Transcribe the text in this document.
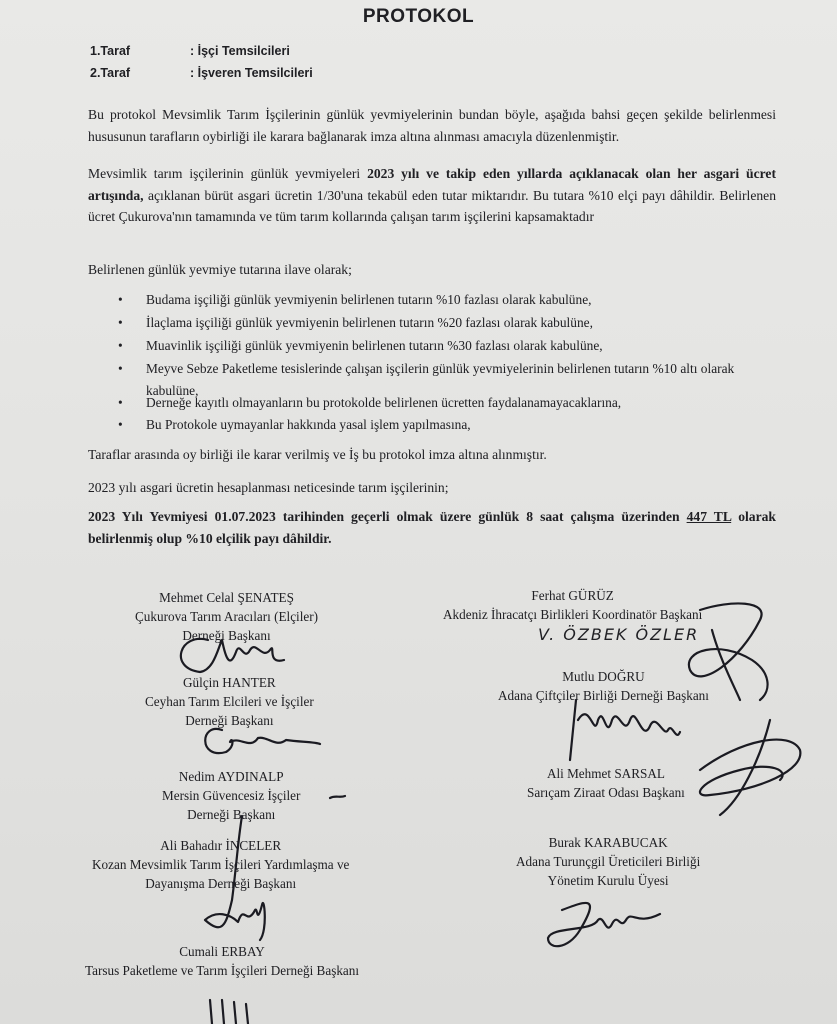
PROTOKOL
1.Taraf	: İşçi Temsilcileri
2.Taraf	: İşveren Temsilcileri
Bu protokol Mevsimlik Tarım İşçilerinin günlük yevmiyelerinin bundan böyle, aşağıda bahsi geçen şekilde belirlenmesi hususunun tarafların oybirliği ile karara bağlanarak imza altına alınması amacıyla düzenlenmiştir.
Mevsimlik tarım işçilerinin günlük yevmiyeleri 2023 yılı ve takip eden yıllarda açıklanacak olan her asgari ücret artışında, açıklanan bürüt asgari ücretin 1/30'una tekabül eden tutar miktarıdır. Bu tutara %10 elçi payı dâhildir. Belirlenen ücret Çukurova'nın tamamında ve tüm tarım kollarında çalışan tarım işçilerini kapsamaktadır
Belirlenen günlük yevmiye tutarına ilave olarak;
• Budama işçiliği günlük yevmiyenin belirlenen tutarın %10 fazlası olarak kabulüne,
• İlaçlama işçiliği günlük yevmiyenin belirlenen tutarın %20 fazlası olarak kabulüne,
• Muavinlik işçiliği günlük yevmiyenin belirlenen tutarın %30 fazlası olarak kabulüne,
• Meyve Sebze Paketleme tesislerinde çalışan işçilerin günlük yevmiyelerinin belirlenen tutarın %10 altı olarak kabulüne,
• Derneğe kayıtlı olmayanların bu protokolde belirlenen ücretten faydalanamayacaklarına,
• Bu Protokole uymayanlar hakkında yasal işlem yapılmasına,
Taraflar arasında oy birliği ile karar verilmiş ve İş bu protokol imza altına alınmıştır.
2023 yılı asgari ücretin hesaplanması neticesinde tarım işçilerinin;
2023 Yılı Yevmiyesi 01.07.2023 tarihinden geçerli olmak üzere günlük 8 saat çalışma üzerinden 447 TL olarak belirlenmiş olup %10 elçilik payı dâhildir.
Mehmet Celal ŞENATEŞ
Çukurova Tarım Aracıları (Elçiler)
Derneği Başkanı
Gülçin HANTER
Ceyhan Tarım Elcileri ve İşçiler
Derneği Başkanı
Nedim AYDINALP
Mersin Güvencesiz İşçiler
Derneği Başkanı
Ali Bahadır İNCELER
Kozan Mevsimlik Tarım İşçileri Yardımlaşma ve
Dayanışma Derneği Başkanı
Cumali ERBAY
Tarsus Paketleme ve Tarım İşçileri Derneği Başkanı
Ferhat GÜRÜZ
Akdeniz İhracatçı Birlikleri Koordinatör Başkanı
V. ÖZBEK ÖZLER
Mutlu DOĞRU
Adana Çiftçiler Birliği Derneği Başkanı
Ali Mehmet SARSAL
Sarıçam Ziraat Odası Başkanı
Burak KARABUCAK
Adana Turunçgil Üreticileri Birliği
Yönetim Kurulu Üyesi
